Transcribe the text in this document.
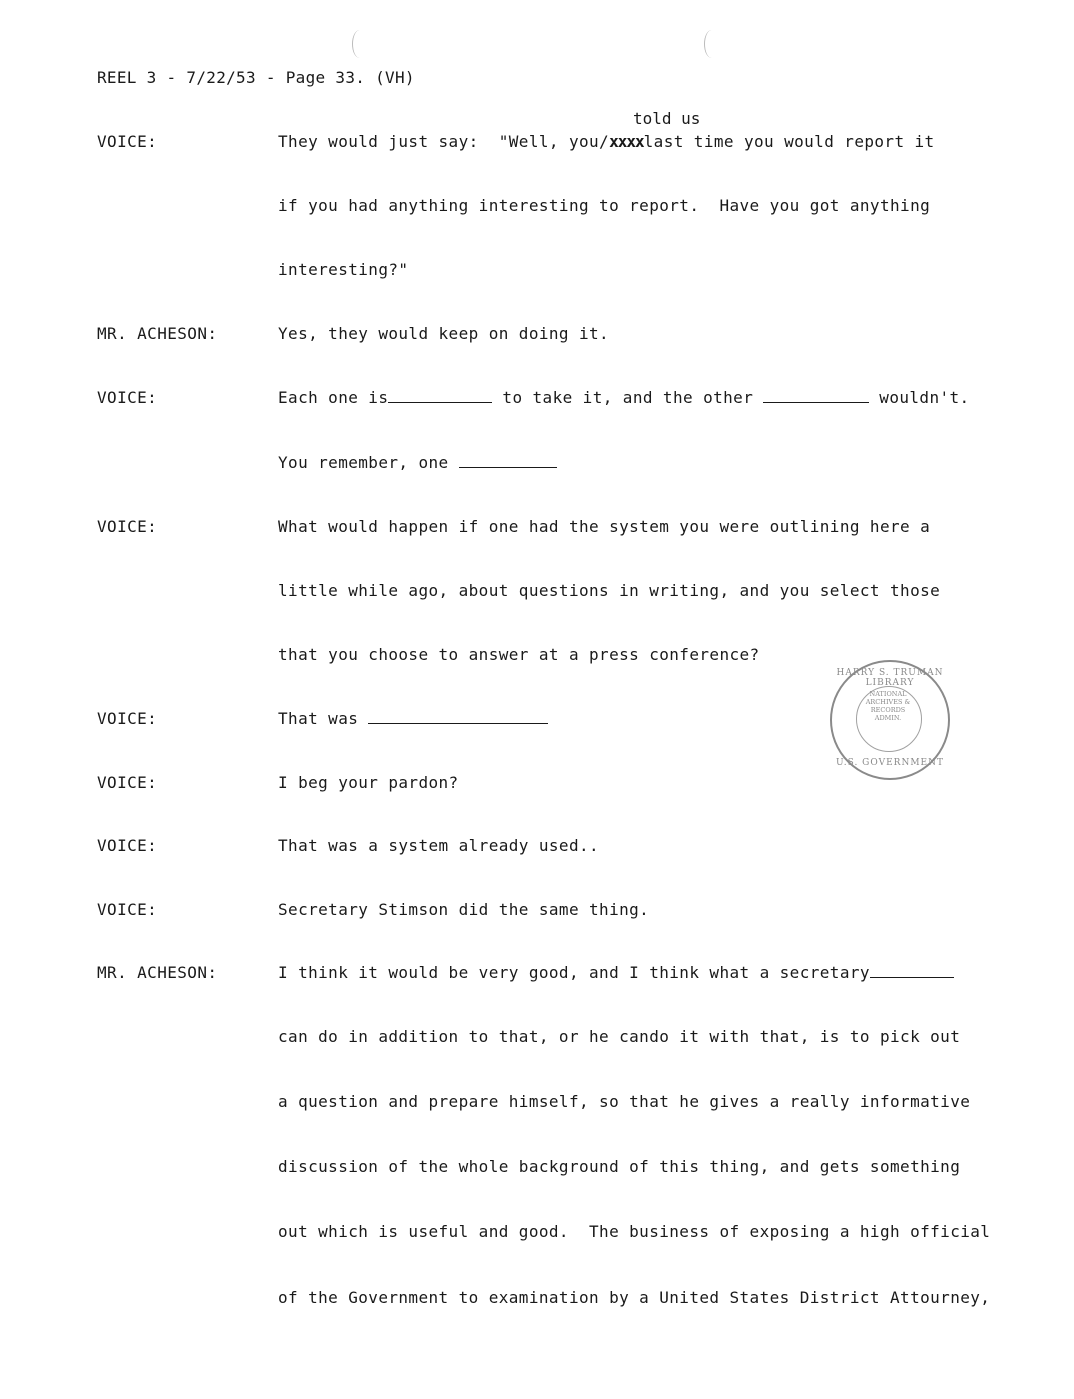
REEL 3 - 7/22/53 - Page 33. (VH)
told us
VOICE:	They would just say:  "Well, you/xxxxlast time you would report it
if you had anything interesting to report.  Have you got anything
interesting?"
MR. ACHESON:	Yes, they would keep on doing it.
VOICE:	Each one is	to take it, and the other	wouldn't.
You remember, one
VOICE:	What would happen if one had the system you were outlining here a
little while ago, about questions in writing, and you select those
that you choose to answer at a press conference?
VOICE:	That was
VOICE:	I beg your pardon?
VOICE:	That was a system already used..
VOICE:	Secretary Stimson did the same thing.
MR. ACHESON:	I think it would be very good, and I think what a secretary
can do in addition to that, or he cando it with that, is to pick out
a question and prepare himself, so that he gives a really informative
discussion of the whole background of this thing, and gets something
out which is useful and good.  The business of exposing a high official
of the Government to examination by a United States District Attourney,
HARRY S. TRUMAN LIBRARY
NATIONAL
ARCHIVES &
RECORDS
ADMIN.
U.S. GOVERNMENT
